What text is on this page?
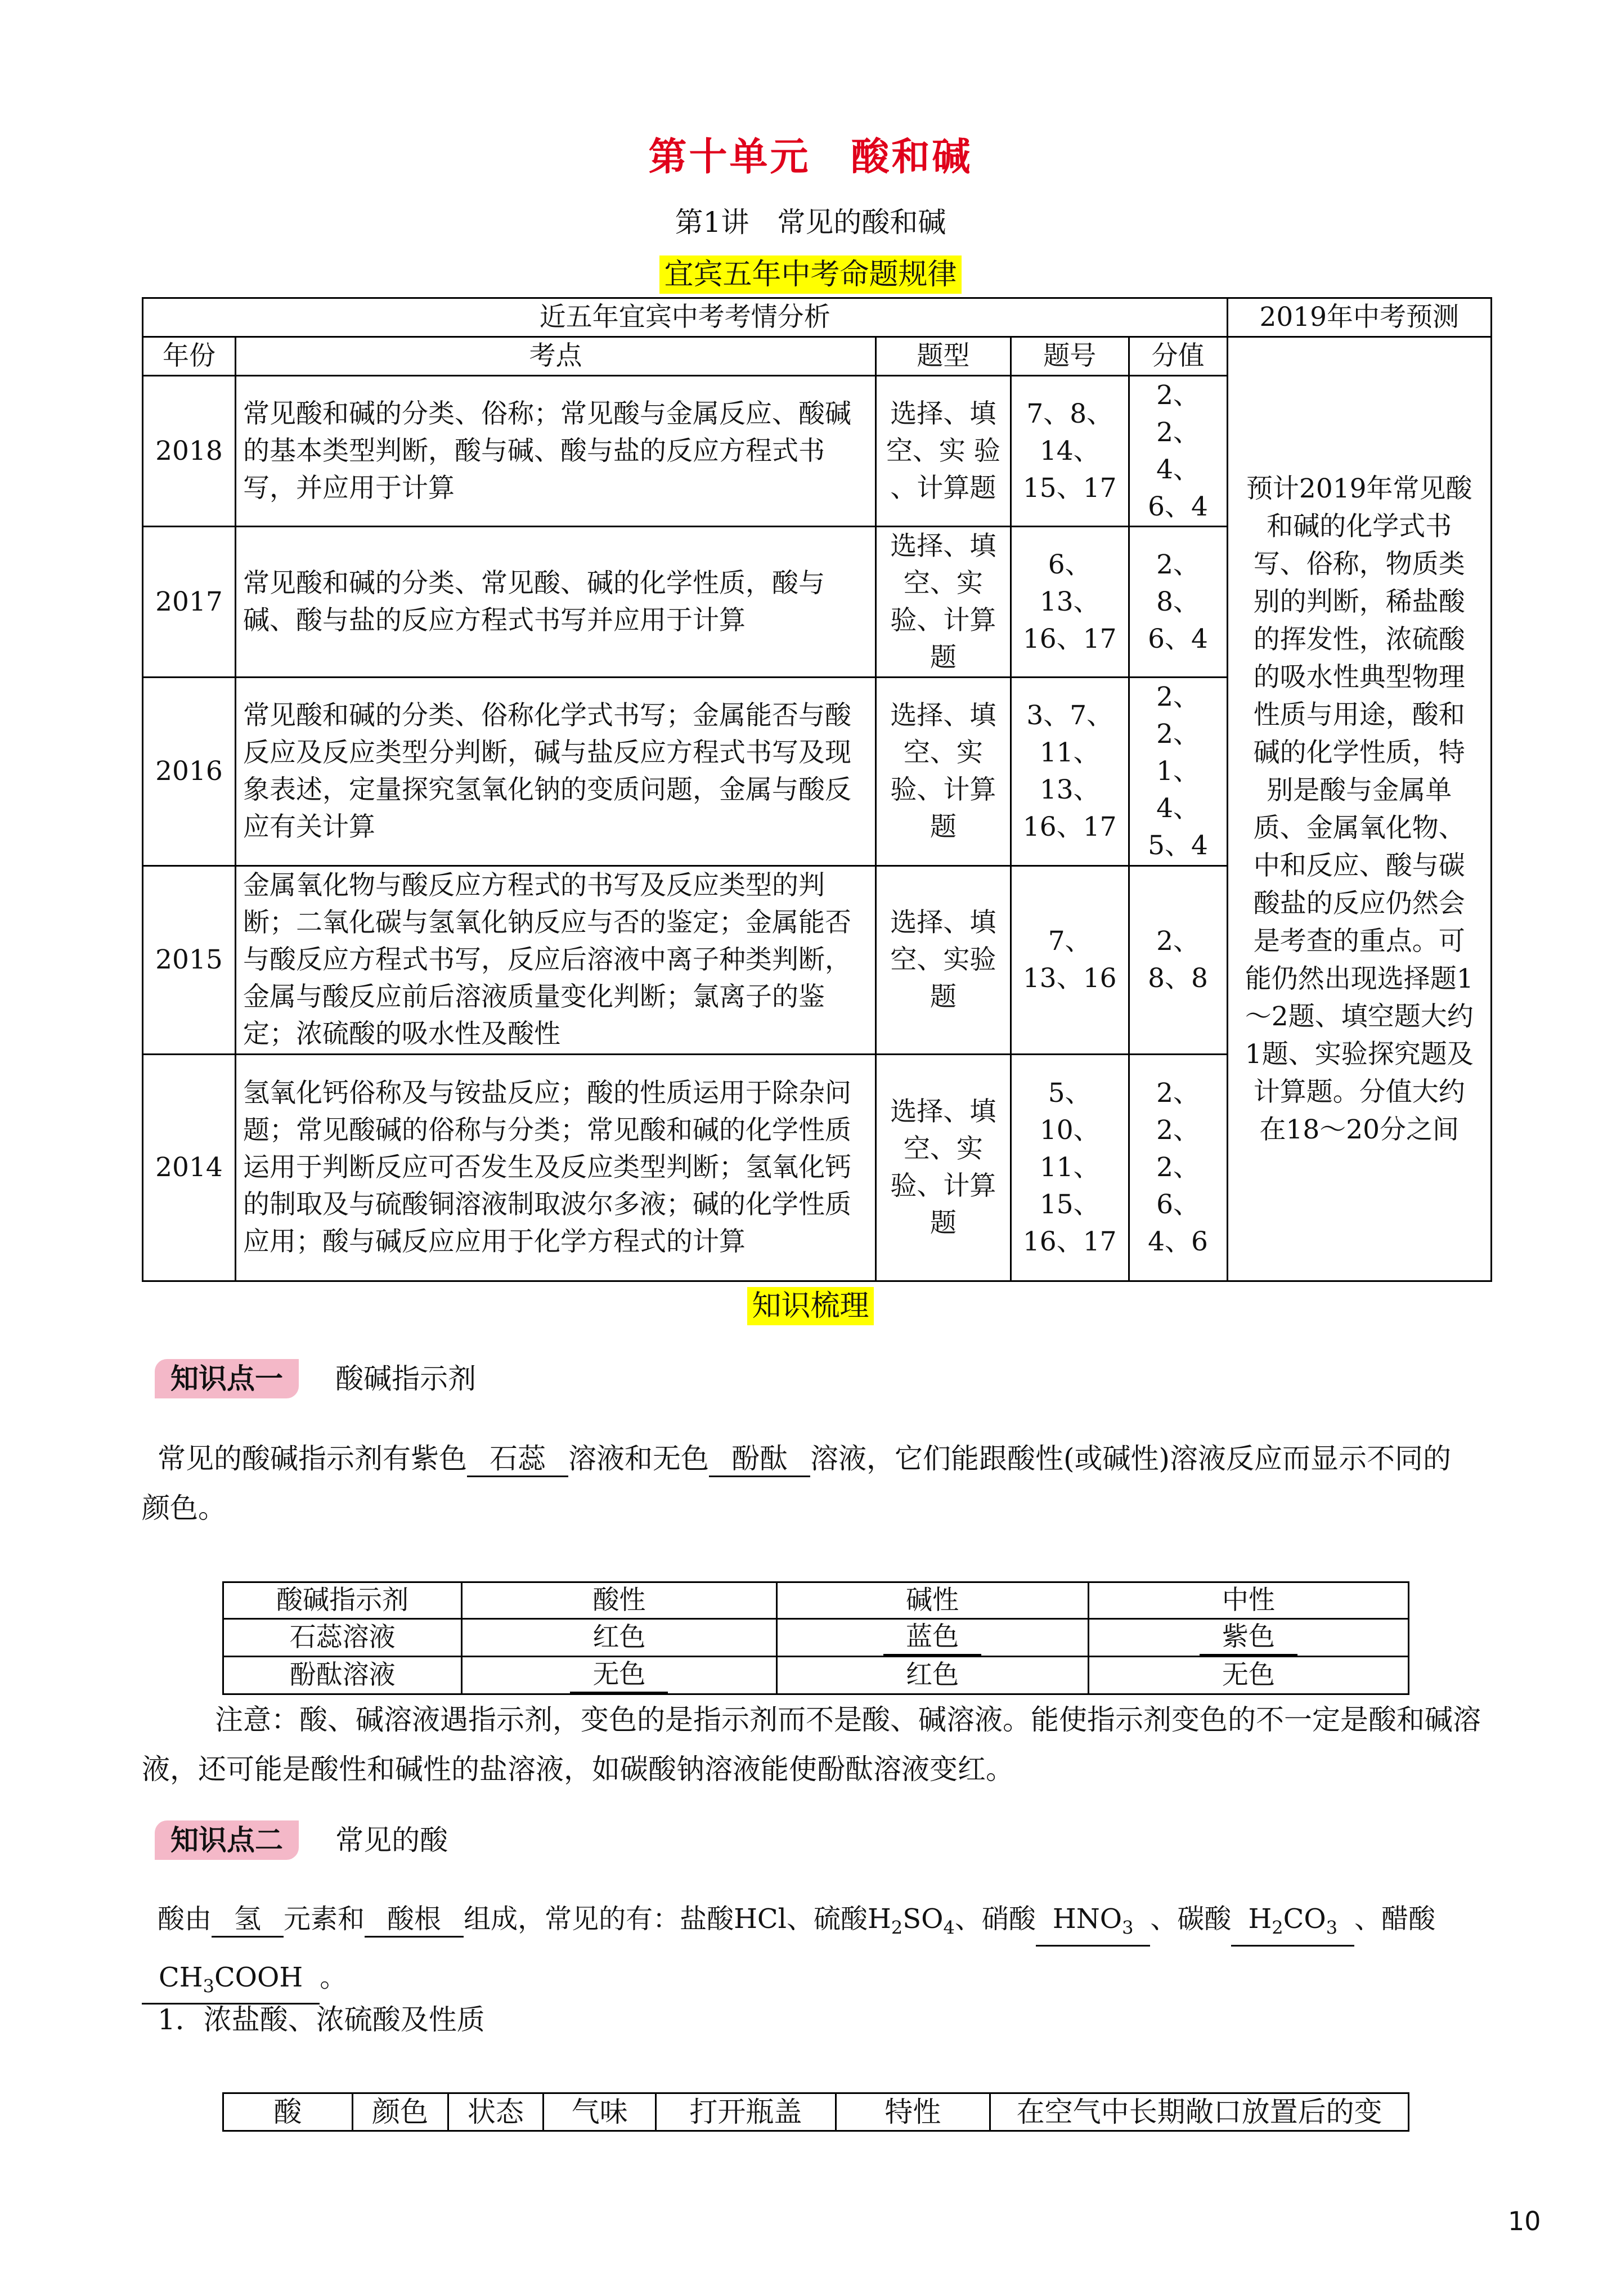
第十单元　酸和碱
第1讲　常见的酸和碱
宜宾五年中考命题规律
近五年宜宾中考考情分析					2019年中考预测
年份	考点	题型	题号	分值	预计2019年常见酸和碱的化学式书写、俗称，物质类别的判断，稀盐酸的挥发性，浓硫酸的吸水性典型物理性质与用途，酸和碱的化学性质，特别是酸与金属单质、金属氧化物、中和反应、酸与碳酸盐的反应仍然会是考查的重点。可能仍然出现选择题1～2题、填空题大约1题、实验探究题及计算题。分值大约在18～20分之间
2018	常见酸和碱的分类、俗称；常见酸与金属反应、酸碱的基本类型判断，酸与碱、酸与盐的反应方程式书写，并应用于计算	选择、填空、实 验 、计算题	7、8、14、15、17	2、2、4、6、4	
2017	常见酸和碱的分类、常见酸、碱的化学性质，酸与碱、酸与盐的反应方程式书写并应用于计算	选择、填空、实验、计算题	6、13、16、17	2、8、6、4	
2016	常见酸和碱的分类、俗称化学式书写；金属能否与酸反应及反应类型分判断，碱与盐反应方程式书写及现象表述，定量探究氢氧化钠的变质问题，金属与酸反应有关计算	选择、填空、实验、计算题	3、7、11、13、16、17	2、2、1、4、5、4	
2015	金属氧化物与酸反应方程式的书写及反应类型的判断；二氧化碳与氢氧化钠反应与否的鉴定；金属能否与酸反应方程式书写，反应后溶液中离子种类判断，金属与酸反应前后溶液质量变化判断；氯离子的鉴定；浓硫酸的吸水性及酸性	选择、填空、实验题	7、13、16	2、8、8	
2014	氢氧化钙俗称及与铵盐反应；酸的性质运用于除杂问题；常见酸碱的俗称与分类；常见酸和碱的化学性质运用于判断反应可否发生及反应类型判断；氢氧化钙的制取及与硫酸铜溶液制取波尔多液；碱的化学性质应用；酸与碱反应应用于化学方程式的计算	选择、填空、实验、计算题	5、10、11、15、16、17	2、2、2、6、4、6	
知识梳理
知识点一 酸碱指示剂
常见的酸碱指示剂有紫色 石蕊 溶液和无色 酚酞 溶液，它们能跟酸性(或碱性)溶液反应而显示不同的
颜色。
酸碱指示剂	酸性	碱性	中性
石蕊溶液	红色	蓝色	紫色
酚酞溶液	无色	红色	无色
注意：酸、碱溶液遇指示剂，变色的是指示剂而不是酸、碱溶液。能使指示剂变色的不一定是酸和碱溶
液，还可能是酸性和碱性的盐溶液，如碳酸钠溶液能使酚酞溶液变红。
知识点二 常见的酸
酸由 氢 元素和 酸根 组成，常见的有：盐酸HCl、硫酸$H_2SO_4$、硝酸 $HNO_3$ 、碳酸 $H_2CO_3$ 、醋酸
$CH_3COOH$ 。
1．浓盐酸、浓硫酸及性质
酸	颜色	状态	气味	打开瓶盖	特性	在空气中长期敞口放置后的变
10
